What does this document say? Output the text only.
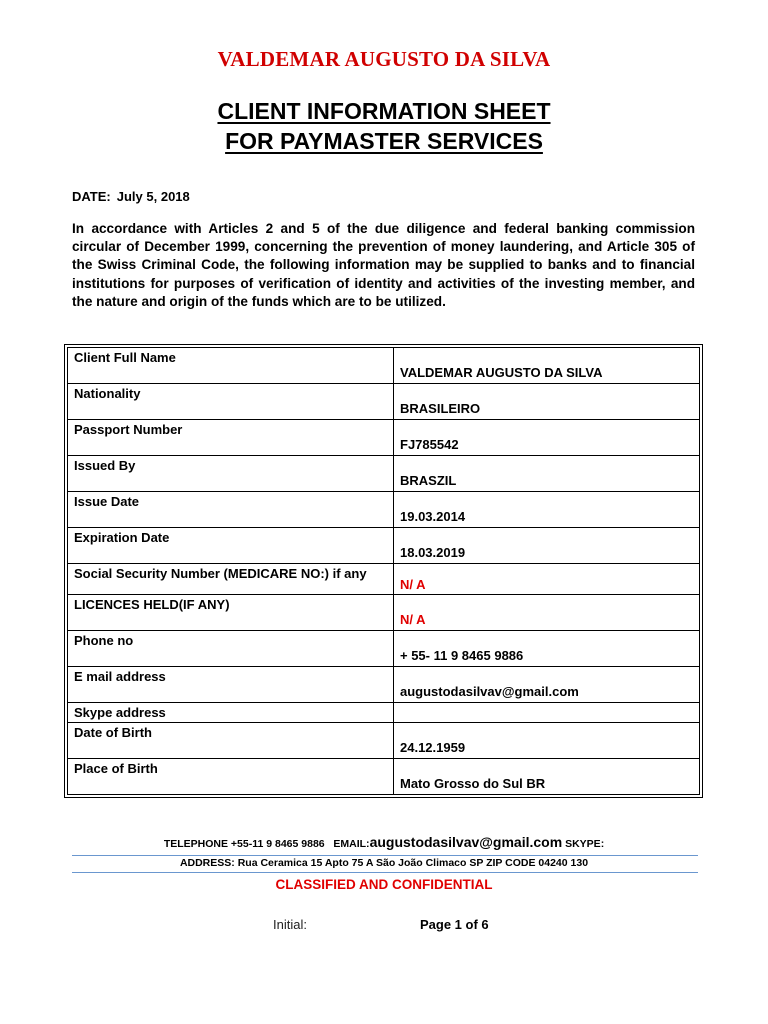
VALDEMAR AUGUSTO DA SILVA
CLIENT INFORMATION SHEET
FOR PAYMASTER SERVICES
DATE: July 5, 2018
In accordance with Articles 2 and 5 of the due diligence and federal banking commission circular of December 1999, concerning the prevention of money laundering, and Article 305 of the Swiss Criminal Code, the following information may be supplied to banks and to financial institutions for purposes of verification of identity and activities of the investing member, and the nature and origin of the funds which are to be utilized.
Client Full Name	VALDEMAR AUGUSTO DA SILVA
Nationality	BRASILEIRO
Passport Number	FJ785542
Issued By	BRASZIL
Issue Date	19.03.2014
Expiration Date	18.03.2019
Social Security Number (MEDICARE NO:) if any	N/ A
LICENCES HELD(IF ANY)	N/ A
Phone no	+ 55- 11 9 8465 9886
E mail address	augustodasilvav@gmail.com
Skype address	
Date of Birth	24.12.1959
Place of Birth	Mato Grosso do Sul BR
TELEPHONE +55-11 9 8465 9886 EMAIL:augustodasilvav@gmail.com SKYPE:
ADDRESS: Rua Ceramica 15 Apto 75 A São João Climaco SP ZIP CODE 04240 130
CLASSIFIED AND CONFIDENTIAL
Initial:	Page 1 of 6
